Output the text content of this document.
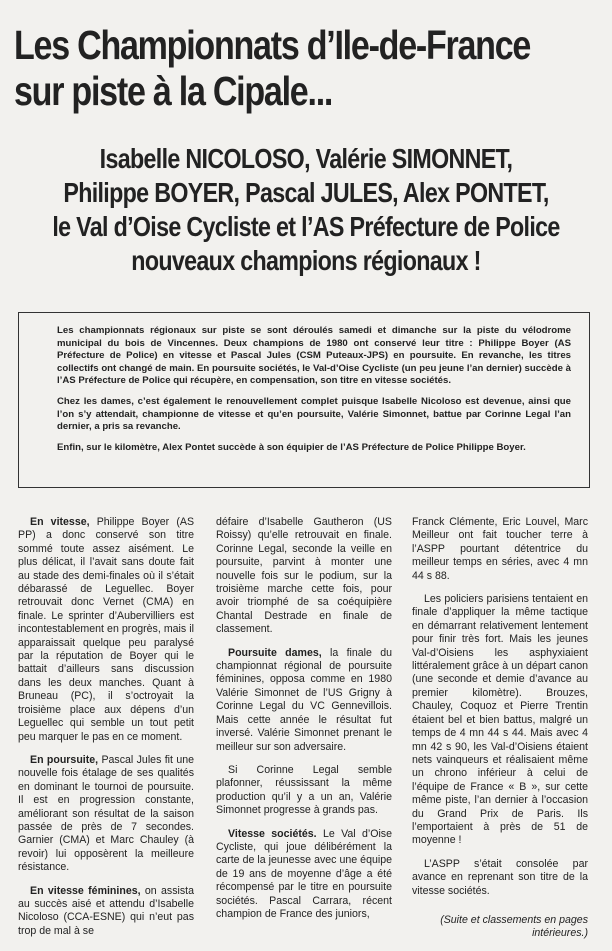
Les Championnats d’Ile-de-France
sur piste à la Cipale...
Isabelle NICOLOSO, Valérie SIMONNET,
Philippe BOYER, Pascal JULES, Alex PONTET,
le Val d’Oise Cycliste et l’AS Préfecture de Police
nouveaux champions régionaux !

Les championnats régionaux sur piste se sont déroulés samedi et dimanche sur la piste du vélodrome municipal du bois de Vincennes. Deux champions de 1980 ont conservé leur titre : Philippe Boyer (AS Préfecture de Police) en vitesse et Pascal Jules (CSM Puteaux-JPS) en poursuite. En revanche, les titres collectifs ont changé de main. En poursuite sociétés, le Val-d’Oise Cycliste (un peu jeune l’an dernier) succède à l’AS Préfecture de Police qui récupère, en compensation, son titre en vitesse sociétés.

Chez les dames, c’est également le renouvellement complet puisque Isabelle Nicoloso est devenue, ainsi que l’on s’y attendait, championne de vitesse et qu’en poursuite, Valérie Simonnet, battue par Corinne Legal l’an dernier, a pris sa revanche.

Enfin, sur le kilomètre, Alex Pontet succède à son équipier de l’AS Préfecture de Police Philippe Boyer.

En vitesse, Philippe Boyer (AS PP) a donc conservé son titre sommé toute assez aisément. Le plus délicat, il l’avait sans doute fait au stade des demi-finales où il s’était débarassé de Leguellec. Boyer retrouvait donc Vernet (CMA) en finale. Le sprinter d’Aubervilliers est incontestablement en progrès, mais il apparaissait quelque peu paralysé par la réputation de Boyer qui le battait d’ailleurs sans discussion dans les deux manches. Quant à Bruneau (PC), il s’octroyait la troisième place aux dépens d’un Leguellec qui semble un tout petit peu marquer le pas en ce moment.

En poursuite, Pascal Jules fit une nouvelle fois étalage de ses qualités en dominant le tournoi de poursuite. Il est en progression constante, améliorant son résultat de la saison passée de près de 7 secondes. Garnier (CMA) et Marc Chauley (à revoir) lui opposèrent la meilleure résistance.

En vitesse féminines, on assista au succès aisé et attendu d’Isabelle Nicoloso (CCA-ESNE) qui n’eut pas trop de mal à se

défaire d’Isabelle Gautheron (US Roissy) qu’elle retrouvait en finale. Corinne Legal, seconde la veille en poursuite, parvint à monter une nouvelle fois sur le podium, sur la troisième marche cette fois, pour avoir triomphé de sa coéquipière Chantal Destrade en finale de classement.

Poursuite dames, la finale du championnat régional de poursuite féminines, opposa comme en 1980 Valérie Simonnet de l’US Grigny à Corinne Legal du VC Gennevillois. Mais cette année le résultat fut inversé. Valérie Simonnet prenant le meilleur sur son adversaire.

Si Corinne Legal semble plafonner, réussissant la même production qu’il y a un an, Valérie Simonnet progresse à grands pas.

Vitesse sociétés. Le Val d’Oise Cycliste, qui joue délibérément la carte de la jeunesse avec une équipe de 19 ans de moyenne d’âge a été récompensé par le titre en poursuite sociétés. Pascal Carrara, récent champion de France des juniors,

Franck Clémente, Eric Louvel, Marc Meilleur ont fait toucher terre à l’ASPP pourtant détentrice du meilleur temps en séries, avec 4 mn 44 s 88.

Les policiers parisiens tentaient en finale d’appliquer la même tactique en démarrant relativement lentement pour finir très fort. Mais les jeunes Val-d’Oisiens les asphyxiaient littéralement grâce à un départ canon (une seconde et demie d’avance au premier kilomètre). Brouzes, Chauley, Coquoz et Pierre Trentin étaient bel et bien battus, malgré un temps de 4 mn 44 s 44. Mais avec 4 mn 42 s 90, les Val-d’Oisiens étaient nets vainqueurs et réalisaient même un chrono inférieur à celui de l’équipe de France « B », sur cette même piste, l’an dernier à l’occasion du Grand Prix de Paris. Ils l’emportaient à près de 51 de moyenne !

L’ASPP s’était consolée par avance en reprenant son titre de la vitesse sociétés.

(Suite et classements en pages intérieures.)
